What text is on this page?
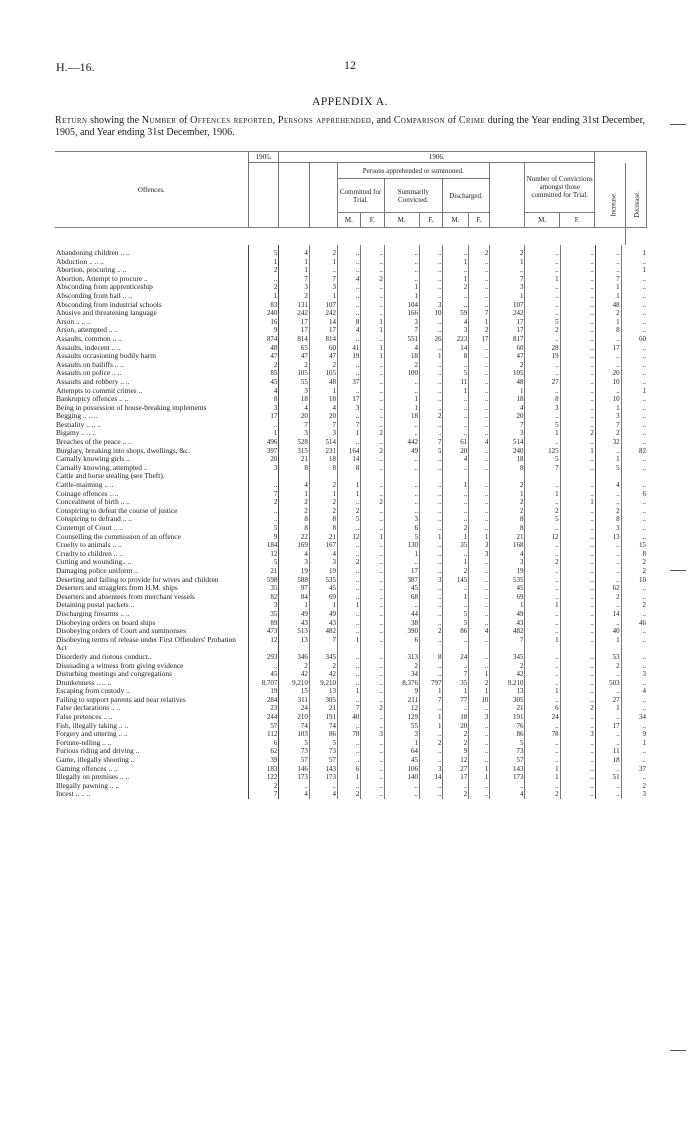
H.—16.	12
APPENDIX A.
Return showing the Number of Offences reported, Persons apprehended, and Comparison of Crime during the Year ending 31st December, 1905, and Year ending 31st December, 1906.
Offences.	1905.	1906.											

			Persons apprehended or summoned.							Number of Convictions amongst those committed for Trial.		
				Committed for Trial.		Summarily Convicted.		Discharged.					
				M.	F.	M.	F.	M.	F.		M.	F.	
Increase. Decrease.
Abandoning children .. ..	5	4	2	..	..	..	..	..	2	2	..	..	..	1
Abduction .. .. ..	1	1	1	..	..	..	..	1	..	1	..	..	..	..
Abortion, procuring .. ..	2	1	..	..	..	..	..	..	..	..	..	..	..	1
Abortion, Attempt to procure ..	..	7	7	4	2	..	..	1	..	7	1	..	7	..
Absconding from apprenticeship	2	3	3	..	..	1	..	2	..	3	..	..	1	..
Absconding from bail .. ..	1	2	1	..	..	1	..	..	..	1	..	..	1	..
Absconding from industrial schools	83	131	107	..	..	104	3	..	..	107	..	..	48	..
Abusive and threatening language	240	242	242	..	..	166	10	59	7	242	..	..	2	..
Arson .. .. ..	16	17	14	8	1	3	..	4	1	17	5	..	1	..
Arson, attempted .. ..	9	17	17	4	1	7	..	3	2	17	2	..	8	..
Assaults, common .. ..	874	814	814	..	..	551	26	223	17	817	..	..	..	60
Assaults, indecent .. ..	48	65	60	41	1	4	..	14	..	60	28	..	17	..
Assaults occasioning bodily harm	47	47	47	19	1	18	1	8	..	47	19	..	..	..
Assaults on bailiffs .. ..	2	2	2	..	..	2	..	..	..	2	..	..	..	..
Assaults on police .. ..	85	105	105	..	..	100	..	5	..	105	..	..	20	..
Assaults and robbery .. ..	45	55	48	37	..	..	..	11	..	48	27	..	10	..
Attempts to commit crimes ..	4	3	1	..	..	..	..	1	..	1	..	..	..	1
Bankruptcy offences .. ..	8	18	18	17	..	1	..	..	..	18	8	..	10	..
Being in possession of house-breaking implements	3	4	4	3	..	1	..	..	..	4	3	..	1	..
Begging .. .. ..	17	20	20	..	..	18	2	..	..	20	..	..	3	..
Bestiality .. .. ..	..	7	7	7	..	..	..	..	..	7	5	..	7	..
Bigamy .. .. ..	1	3	3	1	2	..	..	..	..	3	1	2	2	..
Breaches of the peace .. ..	496	528	514	..	..	442	7	61	4	514	..	..	32	..
Burglary, breaking into shops, dwellings, &c.	397	315	231	164	2	49	5	20	..	240	125	1	..	82
Carnally knowing girls ..	20	21	18	14	..	..	..	4	..	18	5	..	1	..
Carnally knowing, attempted ..	3	8	8	8	..	..	..	..	..	8	7	..	5	..
Cattle and horse stealing (see Theft).														
Cattle-maiming .. ..	..	4	2	1	..	..	..	1	..	2	..	..	4	..
Coinage offences .. ..	7	1	1	1	..	..	..	..	..	1	1	..	..	6
Concealment of birth .. ..	2	2	2	..	2	..	..	..	..	2	..	1	..	..
Conspiring to defeat the course of justice	..	2	2	2	..	..	..	..	..	2	2	..	2	..
Conspiring to defraud .. ..	..	8	8	5	..	3	..	..	..	8	5	..	8	..
Contempt of Court .. ..	5	8	8	..	..	6	..	2	..	8	..	..	3	..
Counselling the commission of an offence	9	22	21	12	1	5	1	1	1	21	12	..	13	..
Cruelty to animals .. ..	184	169	167	..	..	130	..	35	3	168	..	..	..	15
Cruelty to children .. ..	12	4	4	..	..	1	..	..	3	4	..	..	..	8
Cutting and wounding.. ..	5	3	3	2	..	..	..	1	..	3	2	..	..	2
Damaging police uniform ..	21	19	19	..	..	17	..	2	..	19	..	..	..	2
Deserting and failing to provide for wives and children	598	588	535	..	..	387	3	145	..	535	..	..	..	10
Deserters and stragglers from H.M. ships	35	97	45	..	..	45	..	..	..	45	..	..	62	..
Deserters and absentees from merchant vessels	82	84	69	..	..	68	..	1	..	69	..	..	2	..
Detaining postal packets ..	3	1	1	1	..	..	..	..	..	1	1	..	..	2
Discharging firearms .. ..	35	49	49	..	..	44	..	5	..	49	..	..	14	..
Disobeying orders on board ships	89	43	43	..	..	38	..	5	..	43	..	..	..	46
Disobeying orders of Court and summonses	473	513	482	..	..	390	2	86	4	482	..	..	40	..
Disobeying terms of release under First Offenders' Probation Act	12	13	7	1	..	6	..	..	..	7	1	..	1	..
Disorderly and riotous conduct..	293	346	345	..	..	313	8	24	..	345	..	..	53	..
Dissuading a witness from giving evidence	..	2	2	..	..	2	..	..	..	2	..	..	2	..
Disturbing meetings and congregations	45	42	42	..	..	34	..	7	1	42	..	..	..	3
Drunkenness .. .. ..	8,707	9,210	9,210	..	..	8,376	797	35	2	9,210	..	..	503	..
Escaping from custody ..	19	15	13	1	..	9	1	1	1	13	1	..	..	4
Failing to support parents and near relatives	284	311	305	..	..	211	7	77	10	305	..	..	27	..
False declarations .. ..	23	24	21	7	2	12	..	..	..	21	6	2	1	..
False pretences .. ..	244	210	191	40	..	129	1	18	3	191	24	..	..	34
Fish, illegally taking .. ..	57	74	74	..	..	55	1	20	..	76	..	..	17	..
Forgery and uttering .. ..	112	103	86	78	3	3	..	2	..	86	78	3	..	9
Fortune-telling .. ..	6	5	5	..	..	1	2	2	..	5	..	..	..	1
Furious riding and driving ..	62	73	73	..	..	64	..	9	..	73	..	..	11	..
Game, illegally shooting ..	39	57	57	..	..	45	..	12	..	57	..	..	18	..
Gaming offences .. ..	183	146	143	6	..	106	3	27	1	143	1	..	..	37
Illegally on premises .. ..	122	173	173	1	..	140	14	17	1	173	1	..	51	..
Illegally pawning .. ..	2	..	..	..	..	..	..	..	..	..	..	..	..	2
Incest .. .. ..	7	4	4	2	..	..	..	2	..	4	2	..	..	3
